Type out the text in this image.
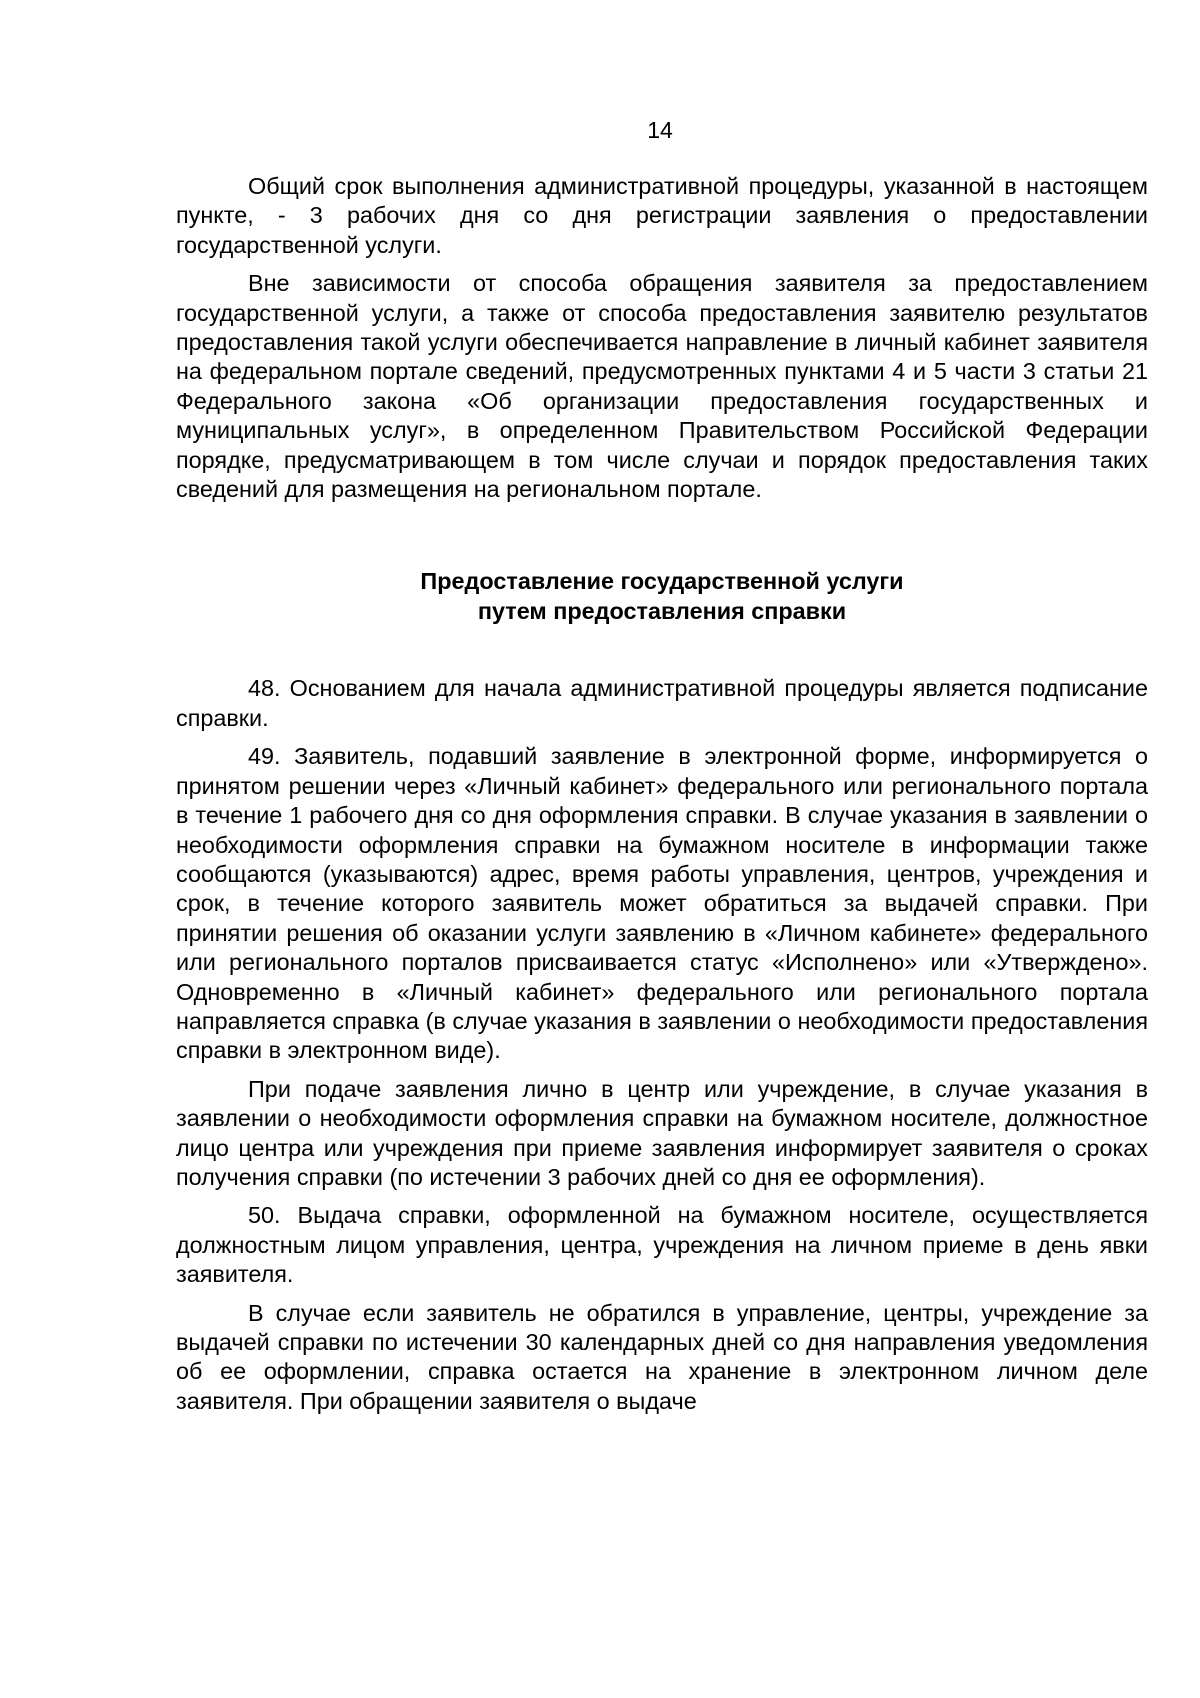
14

Общий срок выполнения административной процедуры, указанной в настоящем пункте, - 3 рабочих дня со дня регистрации заявления о предоставлении государственной услуги.

Вне зависимости от способа обращения заявителя за предоставлением государственной услуги, а также от способа предоставления заявителю результатов предоставления такой услуги обеспечивается направление в личный кабинет заявителя на федеральном портале сведений, предусмотренных пунктами 4 и 5 части 3 статьи 21 Федерального закона «Об организации предоставления государственных и муниципальных услуг», в определенном Правительством Российской Федерации порядке, предусматривающем в том числе случаи и порядок предоставления таких сведений для размещения на региональном портале.

Предоставление государственной услуги
путем предоставления справки

48. Основанием для начала административной процедуры является подписание справки.

49. Заявитель, подавший заявление в электронной форме, информируется о принятом решении через «Личный кабинет» федерального или регионального портала в течение 1 рабочего дня со дня оформления справки. В случае указания в заявлении о необходимости оформления справки на бумажном носителе в информации также сообщаются (указываются) адрес, время работы управления, центров, учреждения и срок, в течение которого заявитель может обратиться за выдачей справки. При принятии решения об оказании услуги заявлению в «Личном кабинете» федерального или регионального порталов присваивается статус «Исполнено» или «Утверждено». Одновременно в «Личный кабинет» федерального или регионального портала направляется справка (в случае указания в заявлении о необходимости предоставления справки в электронном виде).

При подаче заявления лично в центр или учреждение, в случае указания в заявлении о необходимости оформления справки на бумажном носителе, должностное лицо центра или учреждения при приеме заявления информирует заявителя о сроках получения справки (по истечении 3 рабочих дней со дня ее оформления).

50. Выдача справки, оформленной на бумажном носителе, осуществляется должностным лицом управления, центра, учреждения на личном приеме в день явки заявителя.

В случае если заявитель не обратился в управление, центры, учреждение за выдачей справки по истечении 30 календарных дней со дня направления уведомления об ее оформлении, справка остается на хранение в электронном личном деле заявителя. При обращении заявителя о выдаче
